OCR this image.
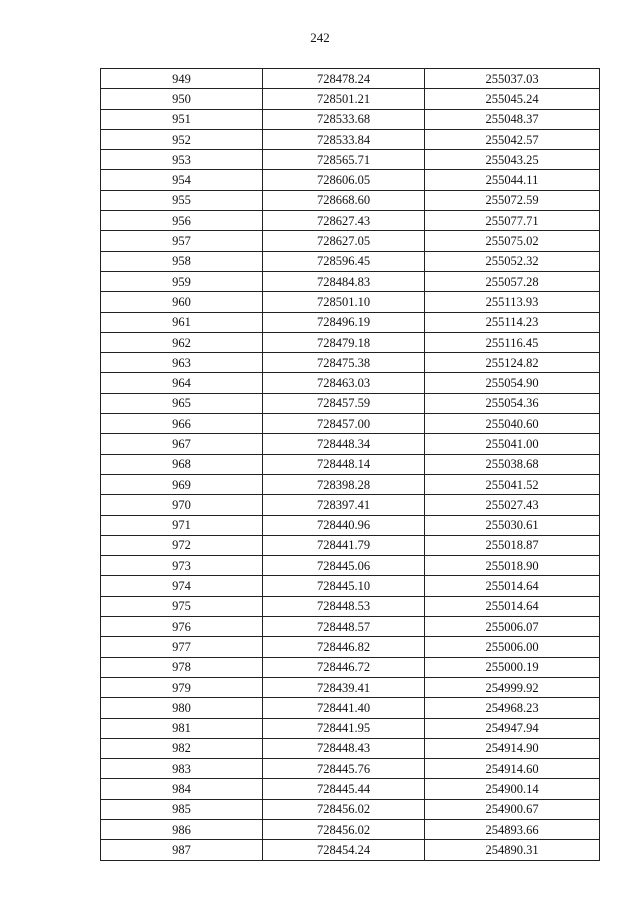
242
949	728478.24	255037.03
950	728501.21	255045.24
951	728533.68	255048.37
952	728533.84	255042.57
953	728565.71	255043.25
954	728606.05	255044.11
955	728668.60	255072.59
956	728627.43	255077.71
957	728627.05	255075.02
958	728596.45	255052.32
959	728484.83	255057.28
960	728501.10	255113.93
961	728496.19	255114.23
962	728479.18	255116.45
963	728475.38	255124.82
964	728463.03	255054.90
965	728457.59	255054.36
966	728457.00	255040.60
967	728448.34	255041.00
968	728448.14	255038.68
969	728398.28	255041.52
970	728397.41	255027.43
971	728440.96	255030.61
972	728441.79	255018.87
973	728445.06	255018.90
974	728445.10	255014.64
975	728448.53	255014.64
976	728448.57	255006.07
977	728446.82	255006.00
978	728446.72	255000.19
979	728439.41	254999.92
980	728441.40	254968.23
981	728441.95	254947.94
982	728448.43	254914.90
983	728445.76	254914.60
984	728445.44	254900.14
985	728456.02	254900.67
986	728456.02	254893.66
987	728454.24	254890.31
